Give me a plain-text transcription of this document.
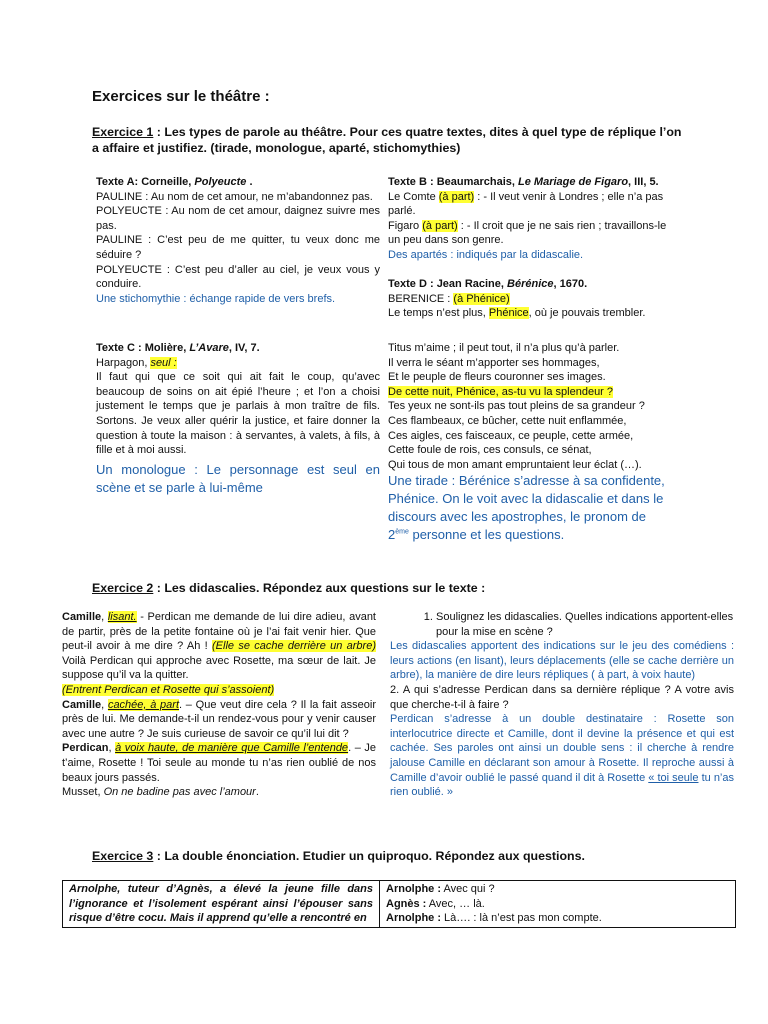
Exercices sur le théâtre :
Exercice 1 : Les types de parole au théâtre. Pour ces quatre textes, dites à quel type de réplique l’on a affaire et justifiez. (tirade, monologue, aparté, stichomythies)

Texte A: Corneille, Polyeucte .

PAULINE : Au nom de cet amour, ne m’abandonnez pas.

POLYEUCTE : Au nom de cet amour, daignez suivre mes pas.

PAULINE : C’est peu de me quitter, tu veux donc me séduire ?

POLYEUCTE : C’est peu d’aller au ciel, je veux vous y conduire.

Une stichomythie : échange rapide de vers brefs.

Texte B : Beaumarchais, Le Mariage de Figaro, III, 5.

Le Comte (à part) : - Il veut venir à Londres ; elle n’a pas parlé.

Figaro (à part) : - Il croit que je ne sais rien ; travaillons-le un peu dans son genre.

Des apartés : indiqués par la didascalie.

Texte D : Jean Racine, Bérénice, 1670.

BERENICE : (à Phénice)

Le temps n’est plus, Phénice, où je pouvais trembler.

Texte C : Molière, L’Avare, IV, 7.

Harpagon, seul :

Il faut qui que ce soit qui ait fait le coup, qu’avec beaucoup de soins on ait épié l’heure ; et l’on a choisi justement le temps que je parlais à mon traître de fils. Sortons. Je veux aller quérir la justice, et faire donner la question à toute la maison : à servantes, à valets, à fils, à fille et à moi aussi.

Un monologue : Le personnage est seul en scène et se parle à lui-même

Titus m’aime ; il peut tout, il n’a plus qu’à parler.

Il verra le séant m’apporter ses hommages,

Et le peuple de fleurs couronner ses images.

De cette nuit, Phénice, as-tu vu la splendeur ?

Tes yeux ne sont-ils pas tout pleins de sa grandeur ?

Ces flambeaux, ce bûcher, cette nuit enflammée,

Ces aigles, ces faisceaux, ce peuple, cette armée,

Cette foule de rois, ces consuls, ce sénat,

Qui tous de mon amant empruntaient leur éclat (…).

Une tirade : Bérénice s’adresse à sa confidente, Phénice. On le voit avec la didascalie et dans le discours avec les apostrophes, le pronom de 2ème personne et les questions.

Exercice 2 : Les didascalies. Répondez aux questions sur le texte :

Camille, lisant. - Perdican me demande de lui dire adieu, avant de partir, près de la petite fontaine où je l’ai fait venir hier. Que peut-il avoir à me dire ? Ah ! (Elle se cache derrière un arbre) Voilà Perdican qui approche avec Rosette, ma sœur de lait. Je suppose qu’il va la quitter.

(Entrent Perdican et Rosette qui s’assoient)

Camille, cachée, à part. – Que veut dire cela ? Il la fait asseoir près de lui. Me demande-t-il un rendez-vous pour y venir causer avec une autre ? Je suis curieuse de savoir ce qu’il lui dit ?

Perdican, à voix haute, de manière que Camille l’entende. – Je t’aime, Rosette ! Toi seule au monde tu n’as rien oublié de nos beaux jours passés.

Musset, On ne badine pas avec l’amour.

1. Soulignez les didascalies. Quelles indications apportent-elles pour la mise en scène ?

Les didascalies apportent des indications sur le jeu des comédiens : leurs actions (en lisant), leurs déplacements (elle se cache derrière un arbre), la manière de dire leurs répliques ( à part, à voix haute)

2. A qui s’adresse Perdican dans sa dernière réplique ? A votre avis que cherche-t-il à faire ?

Perdican s’adresse à un double destinataire : Rosette son interlocutrice directe et Camille, dont il devine la présence et qui est cachée. Ses paroles ont ainsi un double sens : il cherche à rendre jalouse Camille en déclarant son amour à Rosette. Il reproche aussi à Camille d’avoir oublié le passé quand il dit à Rosette « toi seule tu n’as rien oublié. »

Exercice 3 : La double énonciation. Etudier un quiproquo. Répondez aux questions.
Arnolphe, tuteur d’Agnès, a élevé la jeune fille dans l’ignorance et l’isolement espérant ainsi l’épouser sans risque d’être cocu. Mais il apprend qu’elle a rencontré en

Arnolphe : Avec qui ?

Agnès : Avec, … là.

Arnolphe : Là…. : là n’est pas mon compte.
